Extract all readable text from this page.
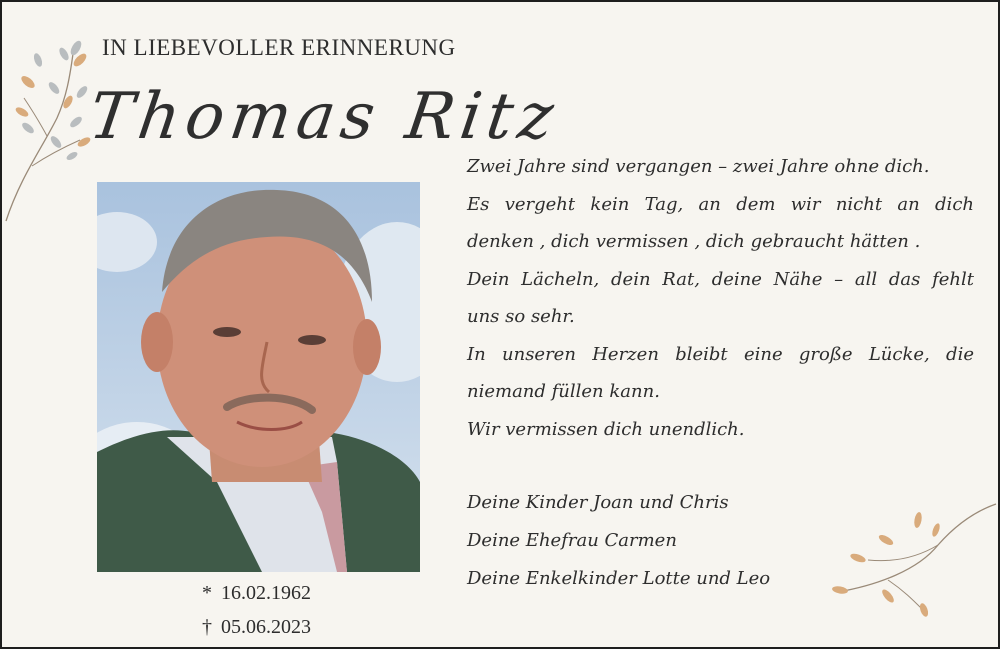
IN LIEBEVOLLER ERINNERUNG
Thomas Ritz
* 16.02.1962
† 05.06.2023
Zwei Jahre sind vergangen – zwei Jahre ohne dich.
Es vergeht kein Tag, an dem wir nicht an dich
denken , dich vermissen , dich gebraucht hätten .
Dein Lächeln, dein Rat, deine Nähe – all das fehlt
uns so sehr.
In unseren Herzen bleibt eine große Lücke, die
niemand füllen kann.
Wir vermissen dich unendlich.
Deine Kinder Joan und Chris
Deine Ehefrau Carmen
Deine Enkelkinder Lotte und Leo
